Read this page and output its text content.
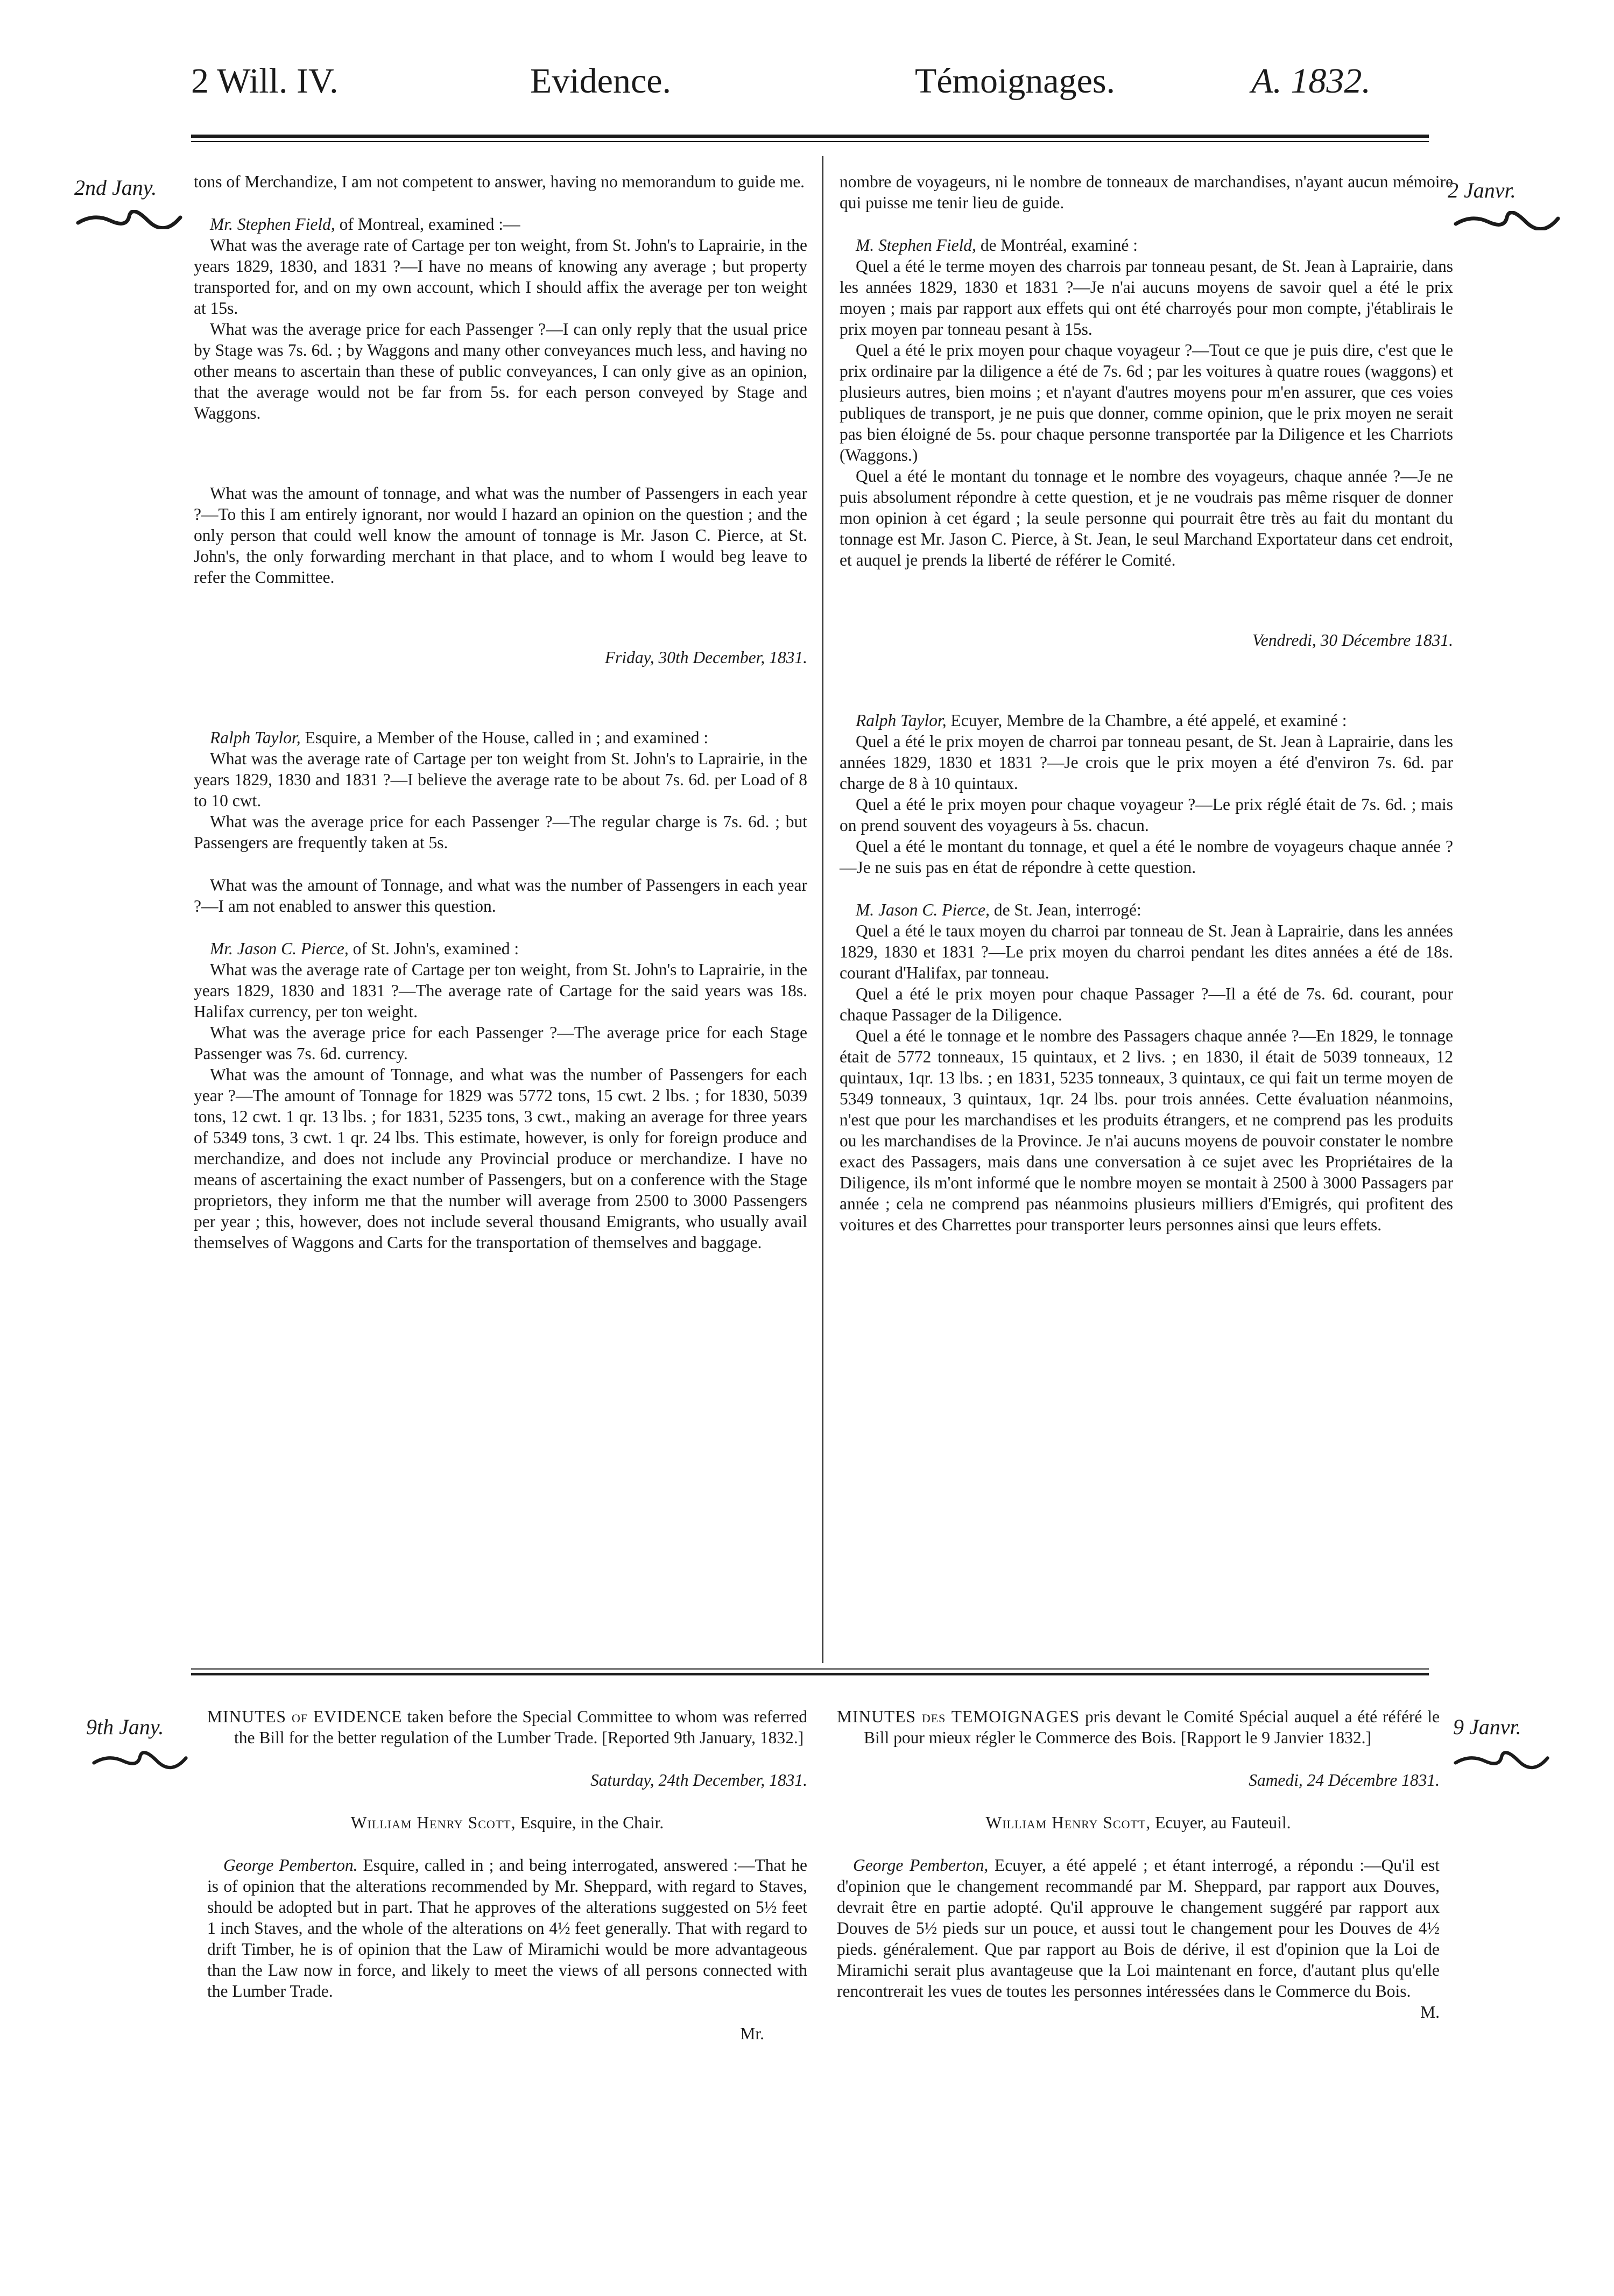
2 Will. IV.	Evidence.	Témoignages.	A. 1832.
2nd Jany.	2 Janvr.
9th Jany.	9 Janvr.

tons of Merchandize, I am not competent to answer, having no memorandum to guide me.

Mr. Stephen Field, of Montreal, examined :—

What was the average rate of Cartage per ton weight, from St. John's to Laprairie, in the years 1829, 1830, and 1831 ?—I have no means of knowing any average ; but property transported for, and on my own account, which I should affix the average per ton weight at 15s.

What was the average price for each Passenger ?—I can only reply that the usual price by Stage was 7s. 6d. ; by Waggons and many other conveyances much less, and having no other means to ascertain than these of public conveyances, I can only give as an opinion, that the average would not be far from 5s. for each person conveyed by Stage and Waggons.

What was the amount of tonnage, and what was the number of Passengers in each year ?—To this I am entirely ignorant, nor would I hazard an opinion on the question ; and the only person that could well know the amount of tonnage is Mr. Jason C. Pierce, at St. John's, the only forwarding merchant in that place, and to whom I would beg leave to refer the Committee.

Friday, 30th December, 1831.

Ralph Taylor, Esquire, a Member of the House, called in ; and examined :

What was the average rate of Cartage per ton weight from St. John's to Laprairie, in the years 1829, 1830 and 1831 ?—I believe the average rate to be about 7s. 6d. per Load of 8 to 10 cwt.

What was the average price for each Passenger ?—The regular charge is 7s. 6d. ; but Passengers are frequently taken at 5s.

What was the amount of Tonnage, and what was the number of Passengers in each year ?—I am not enabled to answer this question.

Mr. Jason C. Pierce, of St. John's, examined :

What was the average rate of Cartage per ton weight, from St. John's to Laprairie, in the years 1829, 1830 and 1831 ?—The average rate of Cartage for the said years was 18s. Halifax currency, per ton weight.

What was the average price for each Passenger ?—The average price for each Stage Passenger was 7s. 6d. currency.

What was the amount of Tonnage, and what was the number of Passengers for each year ?—The amount of Tonnage for 1829 was 5772 tons, 15 cwt. 2 lbs. ; for 1830, 5039 tons, 12 cwt. 1 qr. 13 lbs. ; for 1831, 5235 tons, 3 cwt., making an average for three years of 5349 tons, 3 cwt. 1 qr. 24 lbs. This estimate, however, is only for foreign produce and merchandize, and does not include any Provincial produce or merchandize. I have no means of ascertaining the exact number of Passengers, but on a conference with the Stage proprietors, they inform me that the number will average from 2500 to 3000 Passengers per year ; this, however, does not include several thousand Emigrants, who usually avail themselves of Waggons and Carts for the transportation of themselves and baggage.

nombre de voyageurs, ni le nombre de tonneaux de marchandises, n'ayant aucun mémoire qui puisse me tenir lieu de guide.

M. Stephen Field, de Montréal, examiné :

Quel a été le terme moyen des charrois par tonneau pesant, de St. Jean à Laprairie, dans les années 1829, 1830 et 1831 ?—Je n'ai aucuns moyens de savoir quel a été le prix moyen ; mais par rapport aux effets qui ont été charroyés pour mon compte, j'établirais le prix moyen par tonneau pesant à 15s.

Quel a été le prix moyen pour chaque voyageur ?—Tout ce que je puis dire, c'est que le prix ordinaire par la diligence a été de 7s. 6d ; par les voitures à quatre roues (waggons) et plusieurs autres, bien moins ; et n'ayant d'autres moyens pour m'en assurer, que ces voies publiques de transport, je ne puis que donner, comme opinion, que le prix moyen ne serait pas bien éloigné de 5s. pour chaque personne transportée par la Diligence et les Charriots (Waggons.)

Quel a été le montant du tonnage et le nombre des voyageurs, chaque année ?—Je ne puis absolument répondre à cette question, et je ne voudrais pas même risquer de donner mon opinion à cet égard ; la seule personne qui pourrait être très au fait du montant du tonnage est Mr. Jason C. Pierce, à St. Jean, le seul Marchand Exportateur dans cet endroit, et auquel je prends la liberté de référer le Comité.

Vendredi, 30 Décembre 1831.

Ralph Taylor, Ecuyer, Membre de la Chambre, a été appelé, et examiné :

Quel a été le prix moyen de charroi par tonneau pesant, de St. Jean à Laprairie, dans les années 1829, 1830 et 1831 ?—Je crois que le prix moyen a été d'environ 7s. 6d. par charge de 8 à 10 quintaux.

Quel a été le prix moyen pour chaque voyageur ?—Le prix réglé était de 7s. 6d. ; mais on prend souvent des voyageurs à 5s. chacun.

Quel a été le montant du tonnage, et quel a été le nombre de voyageurs chaque année ?—Je ne suis pas en état de répondre à cette question.

M. Jason C. Pierce, de St. Jean, interrogé:

Quel a été le taux moyen du charroi par tonneau de St. Jean à Laprairie, dans les années 1829, 1830 et 1831 ?—Le prix moyen du charroi pendant les dites années a été de 18s. courant d'Halifax, par tonneau.

Quel a été le prix moyen pour chaque Passager ?—Il a été de 7s. 6d. courant, pour chaque Passager de la Diligence.

Quel a été le tonnage et le nombre des Passagers chaque année ?—En 1829, le tonnage était de 5772 tonneaux, 15 quintaux, et 2 livs. ; en 1830, il était de 5039 tonneaux, 12 quintaux, 1qr. 13 lbs. ; en 1831, 5235 tonneaux, 3 quintaux, ce qui fait un terme moyen de 5349 tonneaux, 3 quintaux, 1qr. 24 lbs. pour trois années. Cette évaluation néanmoins, n'est que pour les marchandises et les produits étrangers, et ne comprend pas les produits ou les marchandises de la Province. Je n'ai aucuns moyens de pouvoir constater le nombre exact des Passagers, mais dans une conversation à ce sujet avec les Propriétaires de la Diligence, ils m'ont informé que le nombre moyen se montait à 2500 à 3000 Passagers par année ; cela ne comprend pas néanmoins plusieurs milliers d'Emigrés, qui profitent des voitures et des Charrettes pour transporter leurs personnes ainsi que leurs effets.

MINUTES of EVIDENCE taken before the Special Committee to whom was referred the Bill for the better regulation of the Lumber Trade. [Reported 9th January, 1832.]

Saturday, 24th December, 1831.

William Henry Scott, Esquire, in the Chair.

George Pemberton. Esquire, called in ; and being interrogated, answered :—That he is of opinion that the alterations recommended by Mr. Sheppard, with regard to Staves, should be adopted but in part. That he approves of the alterations suggested on 5½ feet 1 inch Staves, and the whole of the alterations on 4½ feet generally. That with regard to drift Timber, he is of opinion that the Law of Miramichi would be more advantageous than the Law now in force, and likely to meet the views of all persons connected with the Lumber Trade.

Mr.

MINUTES des TEMOIGNAGES pris devant le Comité Spécial auquel a été référé le Bill pour mieux régler le Commerce des Bois. [Rapport le 9 Janvier 1832.]

Samedi, 24 Décembre 1831.

William Henry Scott, Ecuyer, au Fauteuil.

George Pemberton, Ecuyer, a été appelé ; et étant interrogé, a répondu :—Qu'il est d'opinion que le changement recommandé par M. Sheppard, par rapport aux Douves, devrait être en partie adopté. Qu'il approuve le changement suggéré par rapport aux Douves de 5½ pieds sur un pouce, et aussi tout le changement pour les Douves de 4½ pieds. généralement. Que par rapport au Bois de dérive, il est d'opinion que la Loi de Miramichi serait plus avantageuse que la Loi maintenant en force, d'autant plus qu'elle rencontrerait les vues de toutes les personnes intéressées dans le Commerce du Bois.

M.
